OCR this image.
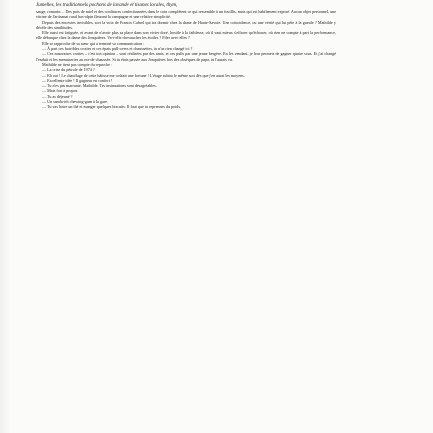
Jumelles, les traditionnels pochons de lavande et tisanes locales, thym,

sauge, romarin… Des pots de miel et des confitures confectionnées dans le coin complètent ce qui ressemble à un fouillis, mais qui est habilement exposé. Aucun objet personnel, une vitrine de l'artisanat rural bas-alpin fleurant la campagne et une relative simplicité.

Depuis des encextes invisibles, sort la voix de Francis Cabrel qui ira dormir chez la dame de Haute-Savoie. Une coïncidence, ou une vérité qui lui pète à la gueule ? Mathilde y décèle des similitudes.

Elle aussi est fatiguée, et avant de n'avoir plus sa place dans son vivier doré, hostile à la faiblesse, où il vaut mieux s'effacer qu'échouer, où rien ne compte à part la performance, elle débarque chez la dame des Jonquières. Va-t-elle chevaucher les étoiles ? Filer avec elles ?

Elle se rapproche de sa sœur qui a terminé sa communication :

— À part ces horribles crottes et ces épais pull-overs et chaussettes, tu n'as rien changé ici ?

— Ces mauvaises crottes – c'est ton opinion – sont réalisées par des amis, et ces pulls par une jeune bergère. En les vendant, je leur permets de gagner quatre sous. Et j'ai changé l'enduit et les menuiseries au rez-de-chaussée. Si tu étais passée aux Jonquières lors des obsèques de papa, tu l'aurais vu.

Mathilde ne tient pas compte du reproche :

— La crise du pétrole de 1974 ?

— Eh oui ! Le chauffage de cette bâtisse me coûtait une fortune ! L'étage subira le même sort dès que j'en aurai les moyens.

— Excellente idée ! Il gagnera en confort !

— Tu n'es pas marrante, Mathilde. Tes insinuations sont désagréables.

— Mais fort à propos.

— Tu as déjeuné ?

— Un sandwich chewing-gum à la gare.

— Tu vas boire un thé et manger quelques biscuits. Il faut que tu reprennes du poids.
